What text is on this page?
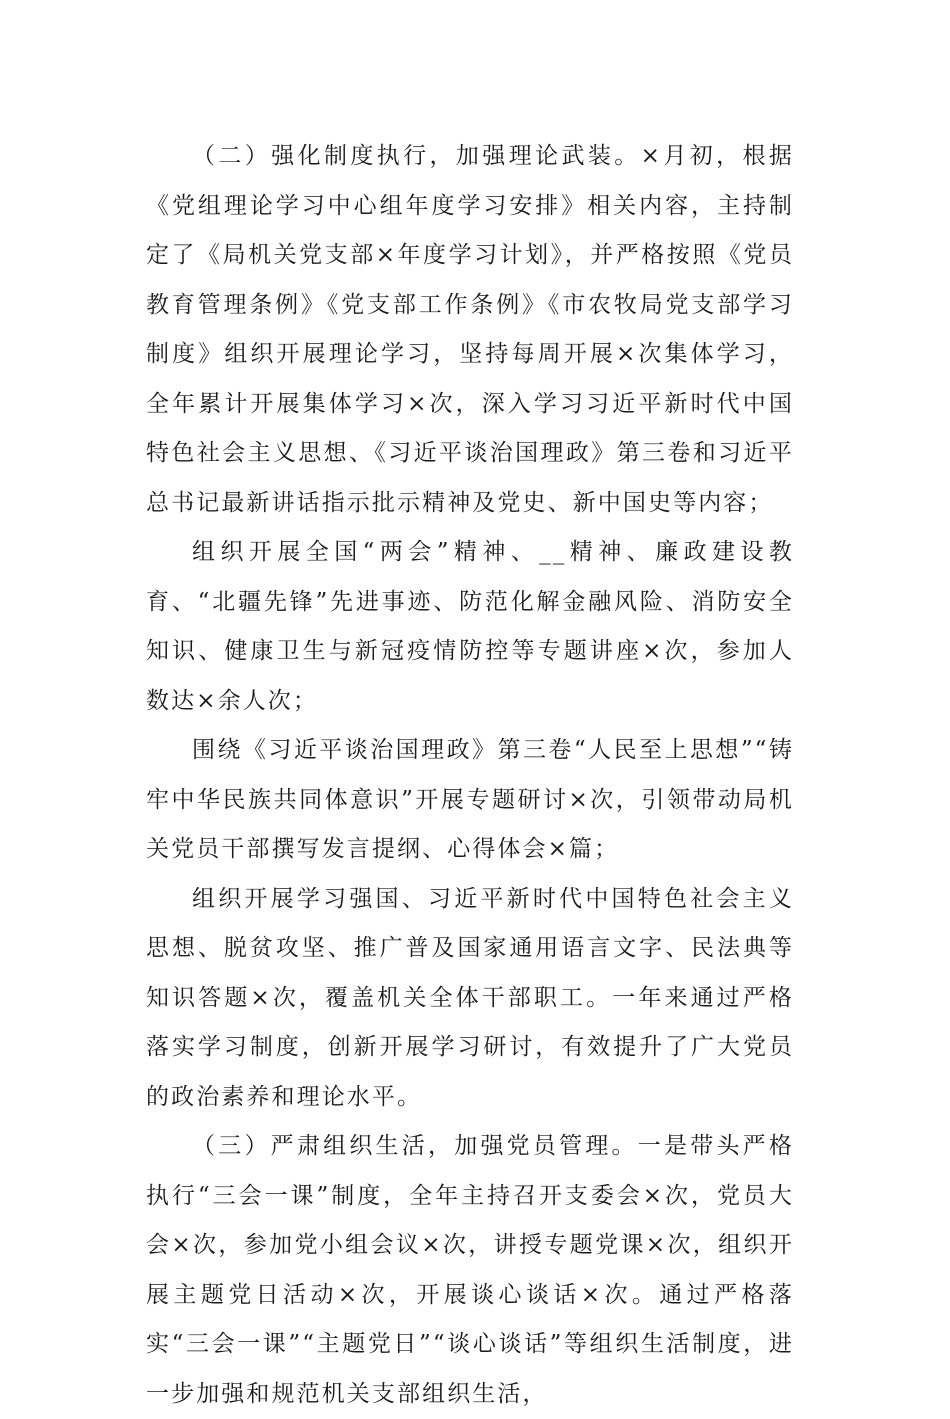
（二）强化制度执行，加强理论武装。×月初，根据《党组理论学习中心组年度学习安排》相关内容，主持制定了《局机关党支部×年度学习计划》，并严格按照《党员教育管理条例》《党支部工作条例》《市农牧局党支部学习制度》组织开展理论学习，坚持每周开展×次集体学习，全年累计开展集体学习×次，深入学习习近平新时代中国特色社会主义思想、《习近平谈治国理政》第三卷和习近平总书记最新讲话指示批示精神及党史、新中国史等内容；

组织开展全国“两会”精神、__精神、廉政建设教育、“北疆先锋”先进事迹、防范化解金融风险、消防安全知识、健康卫生与新冠疫情防控等专题讲座×次，参加人数达×余人次；

围绕《习近平谈治国理政》第三卷“人民至上思想”“铸牢中华民族共同体意识”开展专题研讨×次，引领带动局机关党员干部撰写发言提纲、心得体会×篇；

组织开展学习强国、习近平新时代中国特色社会主义思想、脱贫攻坚、推广普及国家通用语言文字、民法典等知识答题×次，覆盖机关全体干部职工。一年来通过严格落实学习制度，创新开展学习研讨，有效提升了广大党员的政治素养和理论水平。

（三）严肃组织生活，加强党员管理。一是带头严格执行“三会一课”制度，全年主持召开支委会×次，党员大会×次，参加党小组会议×次，讲授专题党课×次，组织开展主题党日活动×次，开展谈心谈话×次。通过严格落实“三会一课”“主题党日”“谈心谈话”等组织生活制度，进一步加强和规范机关支部组织生活，
